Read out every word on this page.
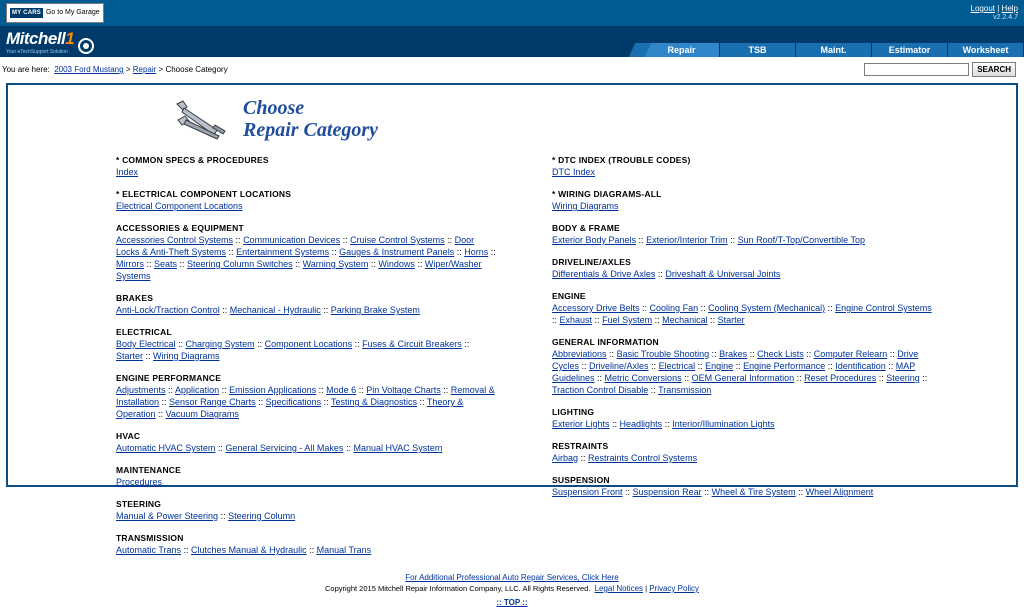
MY CARS Go to My Garage	Logout | Help
v2.2.4.7
Mitchell1
Your eTechSupport Solution	Repair	TSB	Maint.	Estimator	Worksheet
You are here:
2003 Ford Mustang
>
Repair
>
Choose Category	SEARCH
Choose
Repair Category
* COMMON SPECS & PROCEDURES
Index
* ELECTRICAL COMPONENT LOCATIONS
Electrical Component Locations
ACCESSORIES & EQUIPMENT
Accessories Control Systems :: Communication Devices :: Cruise Control Systems :: Door Locks & Anti-Theft Systems :: Entertainment Systems :: Gauges & Instrument Panels :: Horns :: Mirrors :: Seats :: Steering Column Switches :: Warning System :: Windows :: Wiper/Washer Systems
BRAKES
Anti-Lock/Traction Control :: Mechanical - Hydraulic :: Parking Brake System
ELECTRICAL
Body Electrical :: Charging System :: Component Locations :: Fuses & Circuit Breakers :: Starter :: Wiring Diagrams
ENGINE PERFORMANCE
Adjustments :: Application :: Emission Applications :: Mode 6 :: Pin Voltage Charts :: Removal & Installation :: Sensor Range Charts :: Specifications :: Testing & Diagnostics :: Theory & Operation :: Vacuum Diagrams
HVAC
Automatic HVAC System :: General Servicing - All Makes :: Manual HVAC System
MAINTENANCE
Procedures
STEERING
Manual & Power Steering :: Steering Column
TRANSMISSION
Automatic Trans :: Clutches Manual & Hydraulic :: Manual Trans
* DTC INDEX (TROUBLE CODES)
DTC Index
* WIRING DIAGRAMS-ALL
Wiring Diagrams
BODY & FRAME
Exterior Body Panels :: Exterior/Interior Trim :: Sun Roof/T-Top/Convertible Top
DRIVELINE/AXLES
Differentials & Drive Axles :: Driveshaft & Universal Joints
ENGINE
Accessory Drive Belts :: Cooling Fan :: Cooling System (Mechanical) :: Engine Control Systems :: Exhaust :: Fuel System :: Mechanical :: Starter
GENERAL INFORMATION
Abbreviations :: Basic Trouble Shooting :: Brakes :: Check Lists :: Computer Relearn :: Drive Cycles :: Driveline/Axles :: Electrical :: Engine :: Engine Performance :: Identification :: MAP Guidelines :: Metric Conversions :: OEM General Information :: Reset Procedures :: Steering :: Traction Control Disable :: Transmission
LIGHTING
Exterior Lights :: Headlights :: Interior/Illumination Lights
RESTRAINTS
Airbag :: Restraints Control Systems
SUSPENSION
Suspension Front :: Suspension Rear :: Wheel & Tire System :: Wheel Alignment
For Additional Professional Auto Repair Services, Click Here
Copyright 2015 Mitchell Repair Information Company, LLC. All Rights Reserved. Legal Notices | Privacy Policy
:: TOP ::
